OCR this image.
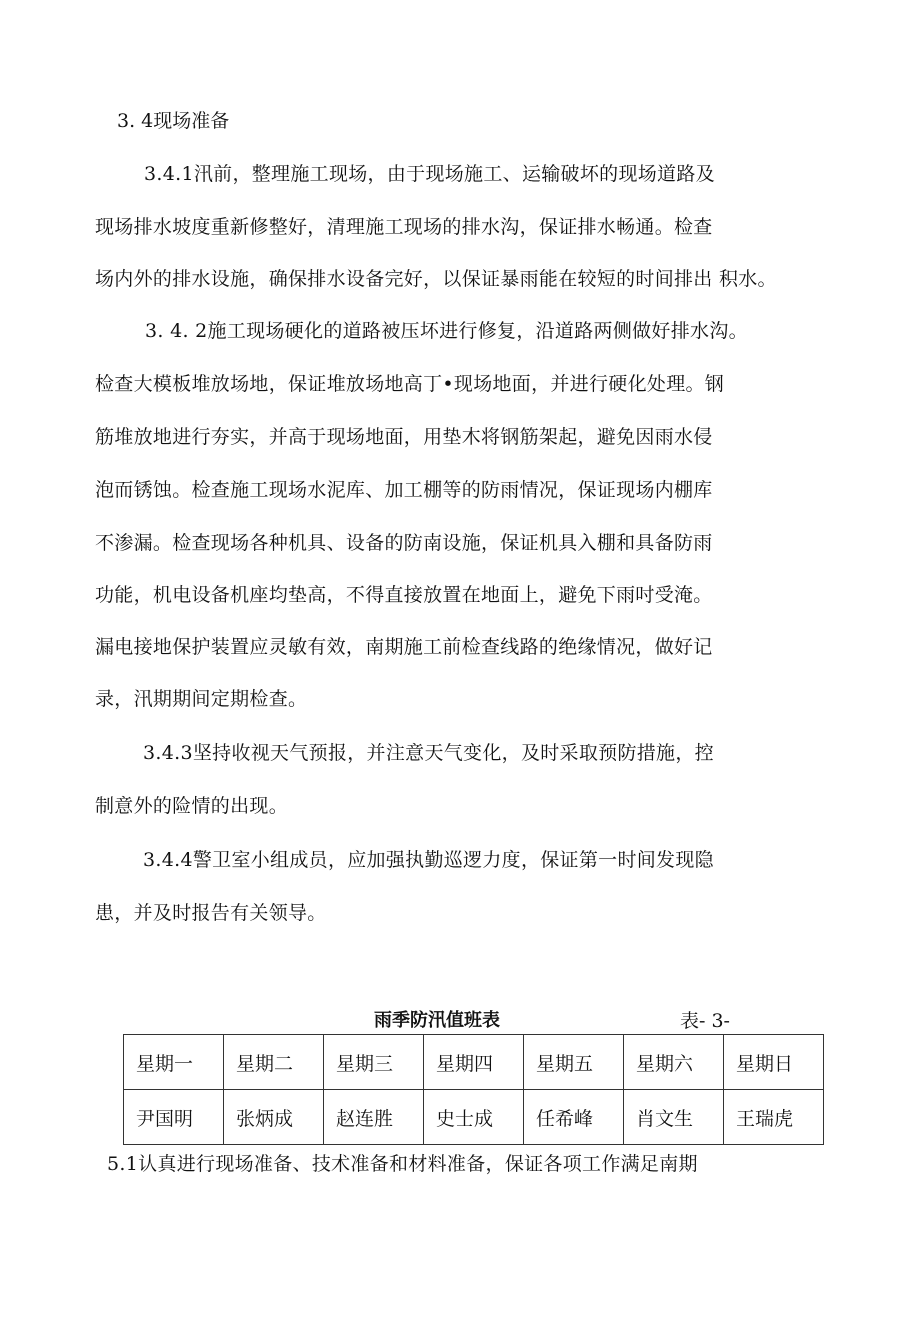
3. 4现场准备
3.4.1汛前，整理施工现场，由于现场施工、运输破坏的现场道路及
现场排水坡度重新修整好，清理施工现场的排水沟，保证排水畅通。检查
场内外的排水设施，确保排水设备完好，以保证暴雨能在较短的时间排出 积水。
3. 4. 2施工现场硬化的道路被压坏进行修复，沿道路两侧做好排水沟。
检查大模板堆放场地，保证堆放场地高丁•现场地面，并进行硬化处理。钢
筋堆放地进行夯实，并高于现场地面，用垫木将钢筋架起，避免因雨水侵
泡而锈蚀。检查施工现场水泥库、加工棚等的防雨情况，保证现场内棚库
不渗漏。检查现场各种机具、设备的防南设施，保证机具入棚和具备防雨
功能，机电设备机座均垫高，不得直接放置在地面上，避免下雨吋受淹。
漏电接地保护装置应灵敏有效，南期施工前检查线路的绝缘情况，做好记
录，汛期期间定期检查。
3.4.3坚持收视天气预报，并注意天气变化，及时采取预防措施，控
制意外的险情的出现。
3.4.4警卫室小组成员，应加强执勤巡逻力度，保证第一时间发现隐
患，并及时报告有关领导。
雨季防汛值班表	表- 3-
星期一	星期二	星期三	星期四	星期五	星期六	星期日
尹国明	张炳成	赵连胜	史士成	任希峰	肖文生	王瑞虎
5.1认真进行现场准备、技术准备和材料准备，保证各项工作满足南期
